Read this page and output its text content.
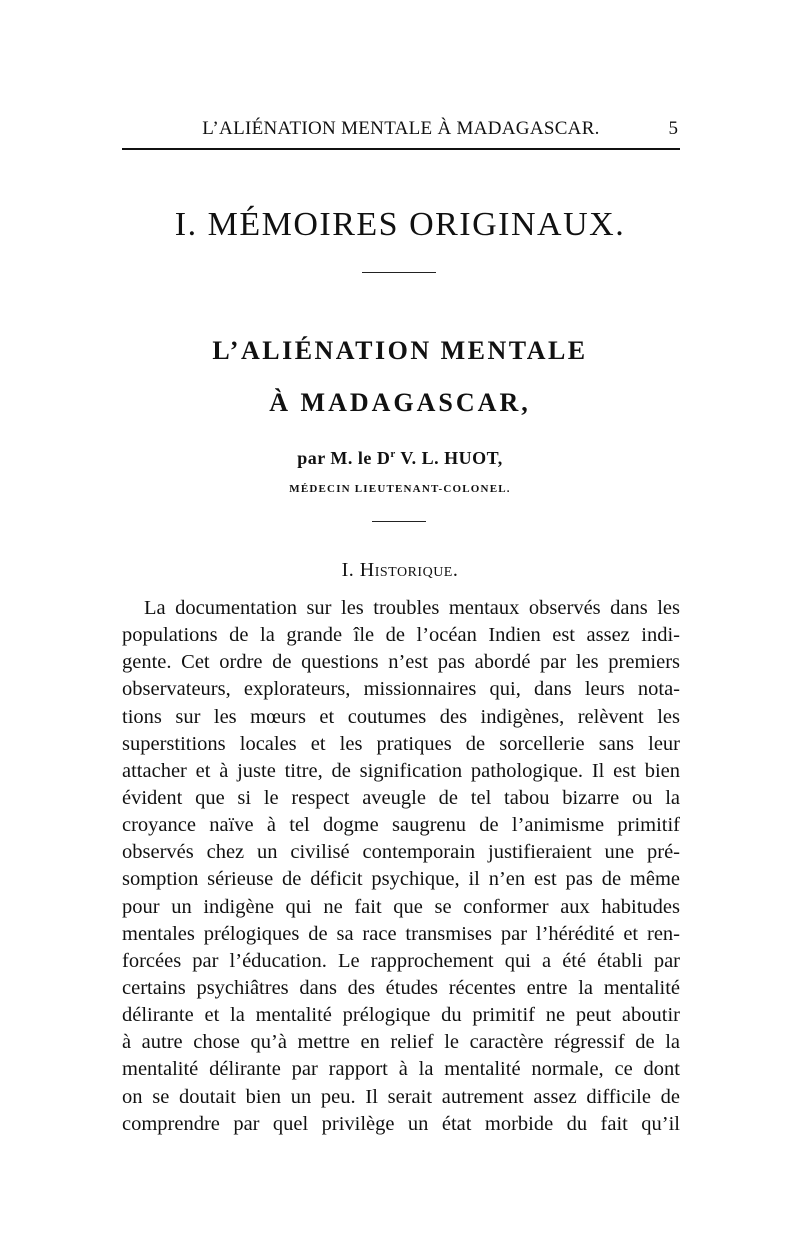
L’ALIÉNATION MENTALE À MADAGASCAR.	5
I. MÉMOIRES ORIGINAUX.
L’ALIÉNATION MENTALE
À MADAGASCAR,
par M. le $D^r$ V. L. HUOT,
MÉDECIN LIEUTENANT-COLONEL.
I. Historique.
La documentation sur les troubles mentaux observés dans les
populations de la grande île de l’océan Indien est assez indi-
gente. Cet ordre de questions n’est pas abordé par les premiers
observateurs, explorateurs, missionnaires qui, dans leurs nota-
tions sur les mœurs et coutumes des indigènes, relèvent les
superstitions locales et les pratiques de sorcellerie sans leur
attacher et à juste titre, de signification pathologique. Il est bien
évident que si le respect aveugle de tel tabou bizarre ou la
croyance naïve à tel dogme saugrenu de l’animisme primitif
observés chez un civilisé contemporain justifieraient une pré-
somption sérieuse de déficit psychique, il n’en est pas de même
pour un indigène qui ne fait que se conformer aux habitudes
mentales prélogiques de sa race transmises par l’hérédité et ren-
forcées par l’éducation. Le rapprochement qui a été établi par
certains psychiâtres dans des études récentes entre la mentalité
délirante et la mentalité prélogique du primitif ne peut aboutir
à autre chose qu’à mettre en relief le caractère régressif de la
mentalité délirante par rapport à la mentalité normale, ce dont
on se doutait bien un peu. Il serait autrement assez difficile de
comprendre par quel privilège un état morbide du fait qu’il
